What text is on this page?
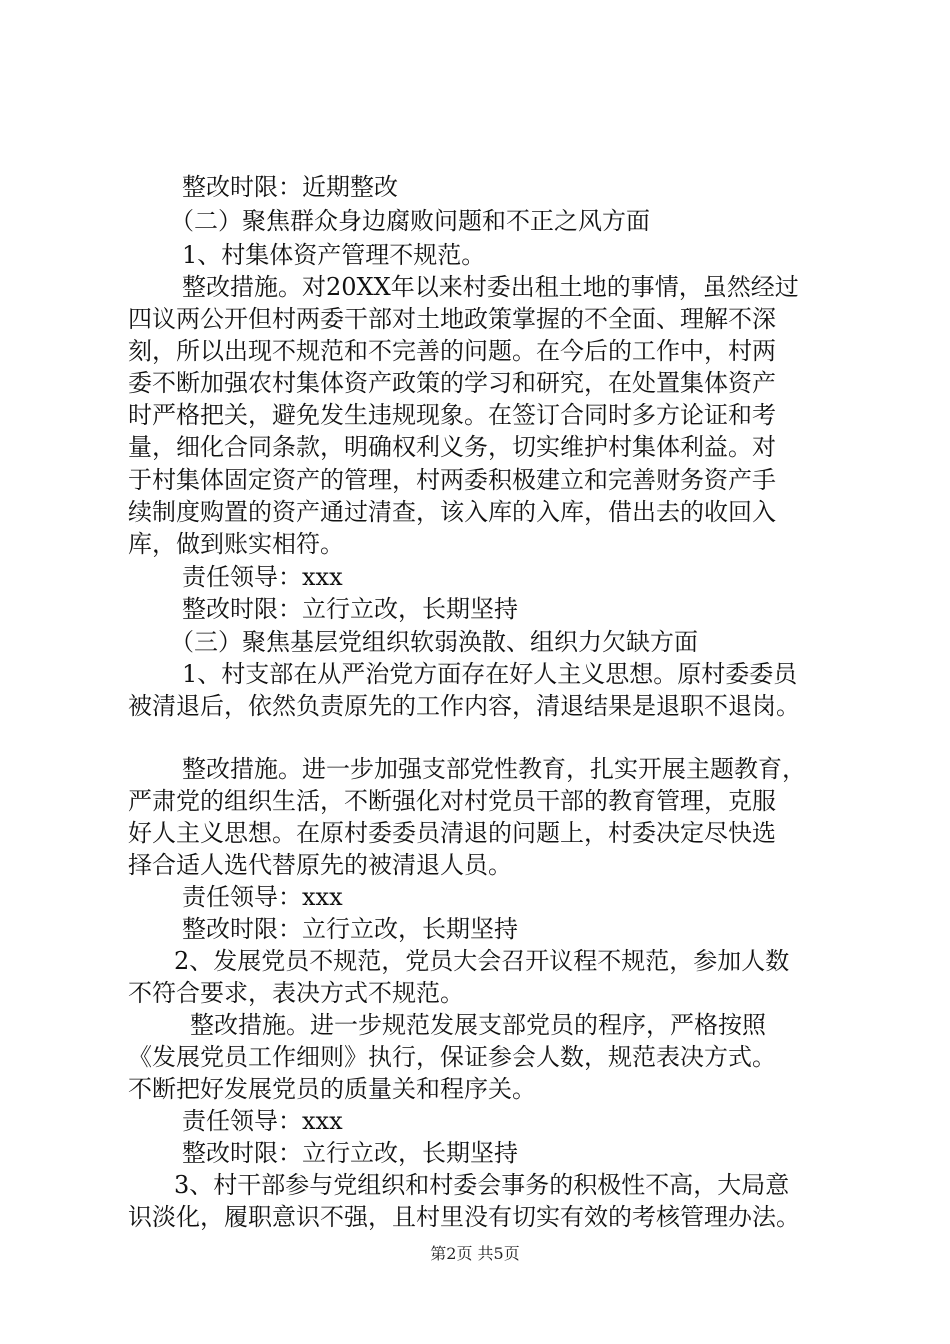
整改时限：近期整改
（二）聚焦群众身边腐败问题和不正之风方面
1、村集体资产管理不规范。
整改措施。对20XX年以来村委出租土地的事情，虽然经过
四议两公开但村两委干部对土地政策掌握的不全面、理解不深
刻，所以出现不规范和不完善的问题。在今后的工作中，村两
委不断加强农村集体资产政策的学习和研究，在处置集体资产
时严格把关，避免发生违规现象。在签订合同时多方论证和考
量，细化合同条款，明确权利义务，切实维护村集体利益。对
于村集体固定资产的管理，村两委积极建立和完善财务资产手
续制度购置的资产通过清查，该入库的入库，借出去的收回入
库，做到账实相符。
责任领导：xxx
整改时限：立行立改，长期坚持
（三）聚焦基层党组织软弱涣散、组织力欠缺方面
1、村支部在从严治党方面存在好人主义思想。原村委委员
被清退后，依然负责原先的工作内容，清退结果是退职不退岗。
整改措施。进一步加强支部党性教育，扎实开展主题教育，
严肃党的组织生活，不断强化对村党员干部的教育管理，克服
好人主义思想。在原村委委员清退的问题上，村委决定尽快选
择合适人选代替原先的被清退人员。
责任领导：xxx
整改时限：立行立改，长期坚持
2、发展党员不规范，党员大会召开议程不规范，参加人数
不符合要求，表决方式不规范。
整改措施。进一步规范发展支部党员的程序，严格按照
《发展党员工作细则》执行，保证参会人数，规范表决方式。
不断把好发展党员的质量关和程序关。
责任领导：xxx
整改时限：立行立改，长期坚持
3、村干部参与党组织和村委会事务的积极性不高，大局意
识淡化，履职意识不强，且村里没有切实有效的考核管理办法。
第2页 共5页
